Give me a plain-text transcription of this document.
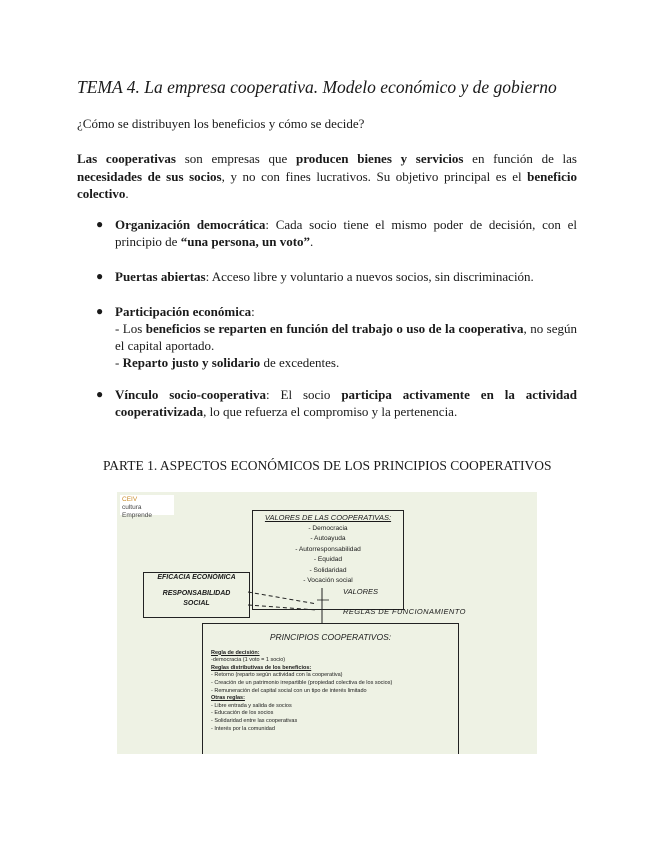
TEMA 4. La empresa cooperativa. Modelo económico y de gobierno
¿Cómo se distribuyen los beneficios y cómo se decide?
Las cooperativas son empresas que producen bienes y servicios en función de las necesidades de sus socios, y no con fines lucrativos. Su objetivo principal es el beneficio colectivo.
● Organización democrática: Cada socio tiene el mismo poder de decisión, con el principio de “una persona, un voto”.
● Puertas abiertas: Acceso libre y voluntario a nuevos socios, sin discriminación.
● Participación económica:
- Los beneficios se reparten en función del trabajo o uso de la cooperativa, no según el capital aportado.
- Reparto justo y solidario de excedentes.
● Vínculo socio-cooperativa: El socio participa activamente en la actividad cooperativizada, lo que refuerza el compromiso y la pertenencia.
PARTE 1. ASPECTOS ECONÓMICOS DE LOS PRINCIPIOS COOPERATIVOS
CEIV
cultura Emprende	VALORES DE LAS COOPERATIVAS:
- Democracia
- Autoayuda
- Autorresponsabilidad
- Equidad
- Solidaridad
- Vocación social
EFICACIA ECONÓMICA
RESPONSABILIDAD SOCIAL
VALORES
REGLAS DE FUNCIONAMIENTO
PRINCIPIOS COOPERATIVOS:
Regla de decisión:
-democracia (1 voto = 1 socio)
Reglas distributivas de los beneficios:
- Retorno (reparto según actividad con la cooperativa)
- Creación de un patrimonio irrepartible (propiedad colectiva de los socios)
- Remuneración del capital social con un tipo de interés limitado
Otras reglas:
- Libre entrada y salida de socios
- Educación de los socios
- Solidaridad entre las cooperativas
- Interés por la comunidad
